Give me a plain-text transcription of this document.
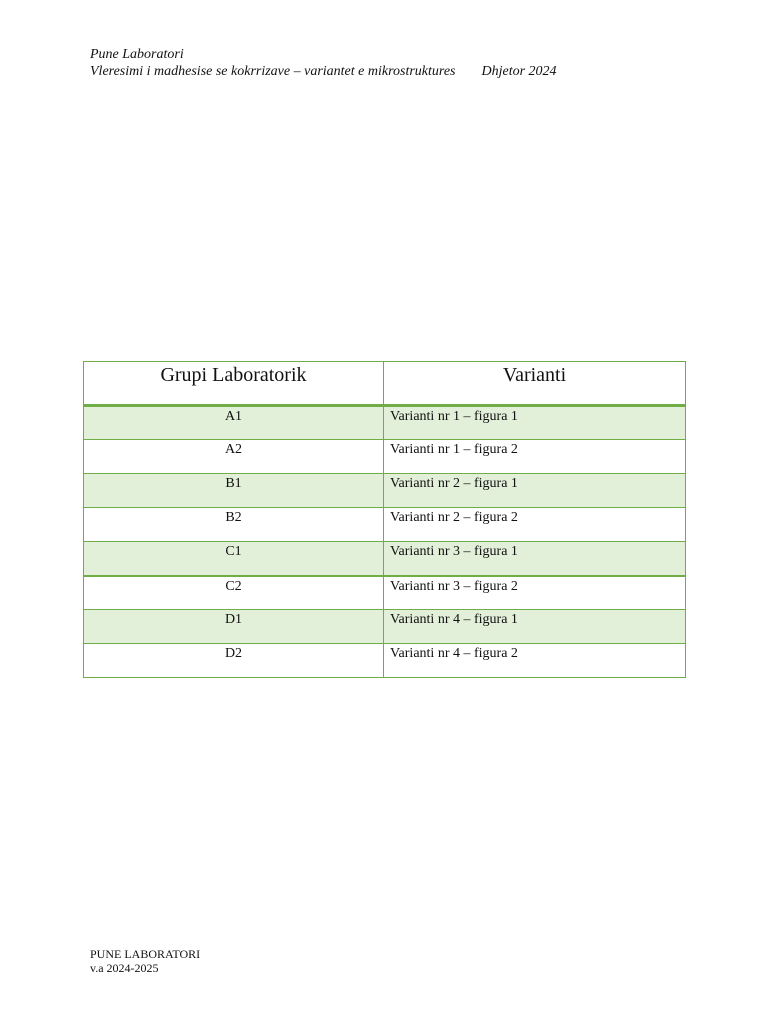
Pune Laboratori
Vleresimi i madhesise se kokrrizave – variantet e mikrostruktures Dhjetor 2024
Grupi Laboratorik	Varianti
A1	Varianti nr 1 – figura 1
A2	Varianti nr 1 – figura 2
B1	Varianti nr 2 – figura 1
B2	Varianti nr 2 – figura 2
C1	Varianti nr 3 – figura 1
C2	Varianti nr 3 – figura 2
D1	Varianti nr 4 – figura 1
D2	Varianti nr 4 – figura 2
PUNE LABORATORI
v.a 2024-2025
